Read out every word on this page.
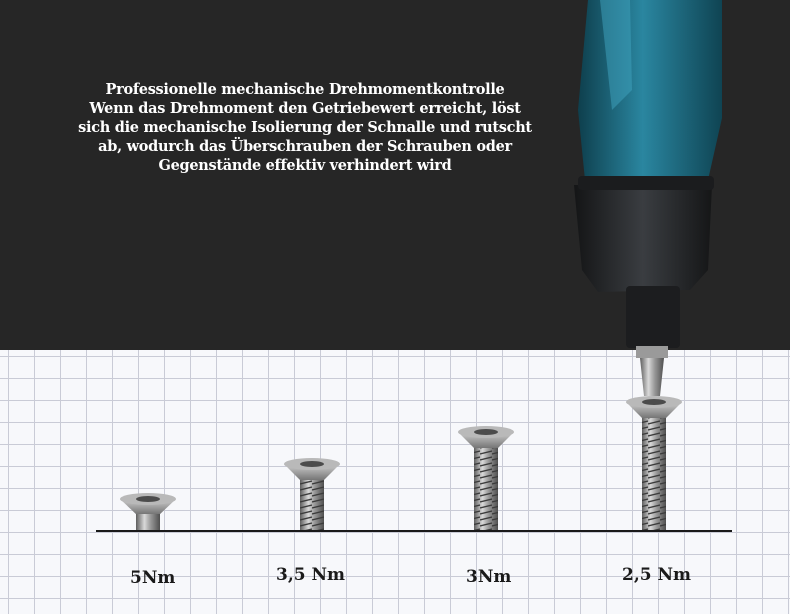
Professionelle mechanische Drehmomentkontrolle
Wenn das Drehmoment den Getriebewert erreicht, löst
sich die mechanische Isolierung der Schnalle und rutscht
ab, wodurch das Überschrauben der Schrauben oder
Gegenstände effektiv verhindert wird
5Nm	3,5 Nm	3Nm	2,5 Nm
